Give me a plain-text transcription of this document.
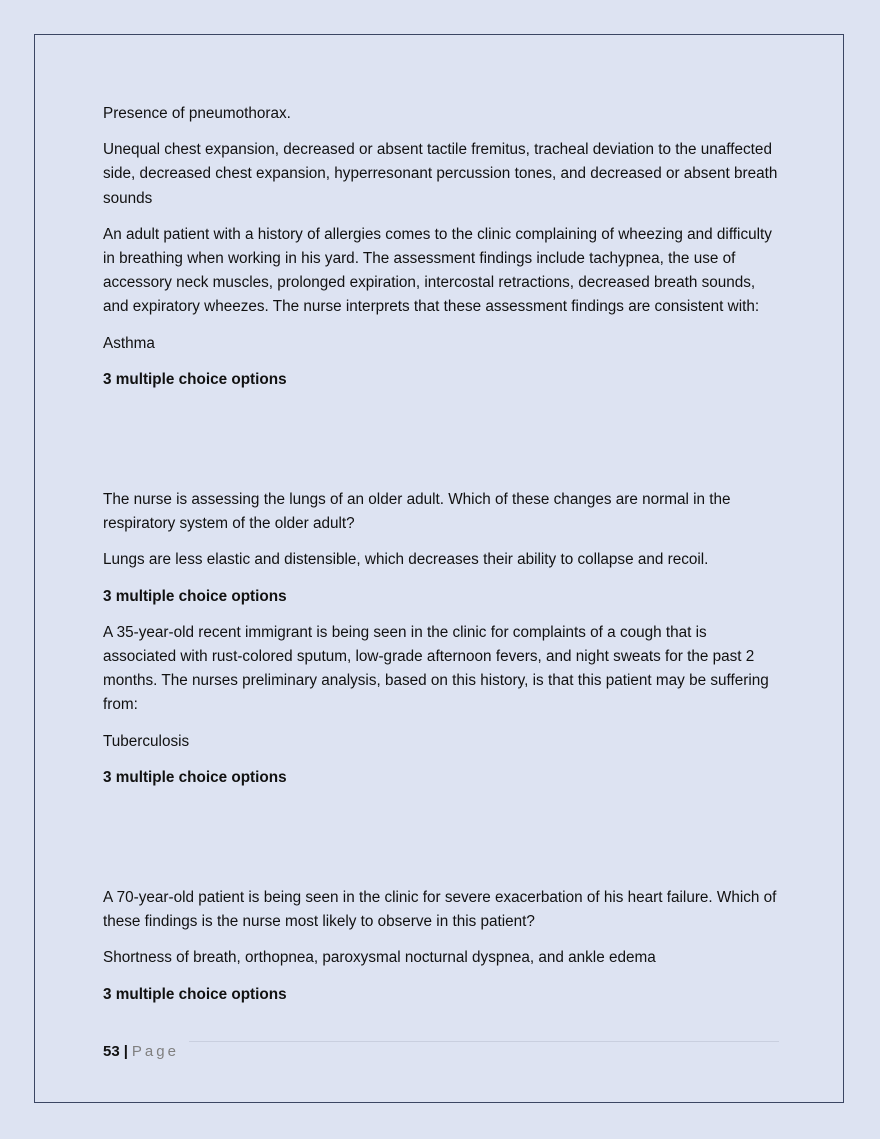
Presence of pneumothorax.

Unequal chest expansion, decreased or absent tactile fremitus, tracheal deviation to the unaffected side, decreased chest expansion, hyperresonant percussion tones, and decreased or absent breath sounds

An adult patient with a history of allergies comes to the clinic complaining of wheezing and difficulty in breathing when working in his yard. The assessment findings include tachypnea, the use of accessory neck muscles, prolonged expiration, intercostal retractions, decreased breath sounds, and expiratory wheezes. The nurse interprets that these assessment findings are consistent with:

Asthma

3 multiple choice options

The nurse is assessing the lungs of an older adult. Which of these changes are normal in the respiratory system of the older adult?

Lungs are less elastic and distensible, which decreases their ability to collapse and recoil.

3 multiple choice options

A 35-year-old recent immigrant is being seen in the clinic for complaints of a cough that is associated with rust-colored sputum, low-grade afternoon fevers, and night sweats for the past 2 months. The nurses preliminary analysis, based on this history, is that this patient may be suffering from:

Tuberculosis

3 multiple choice options

A 70-year-old patient is being seen in the clinic for severe exacerbation of his heart failure. Which of these findings is the nurse most likely to observe in this patient?

Shortness of breath, orthopnea, paroxysmal nocturnal dyspnea, and ankle edema

3 multiple choice options

53 | Page
